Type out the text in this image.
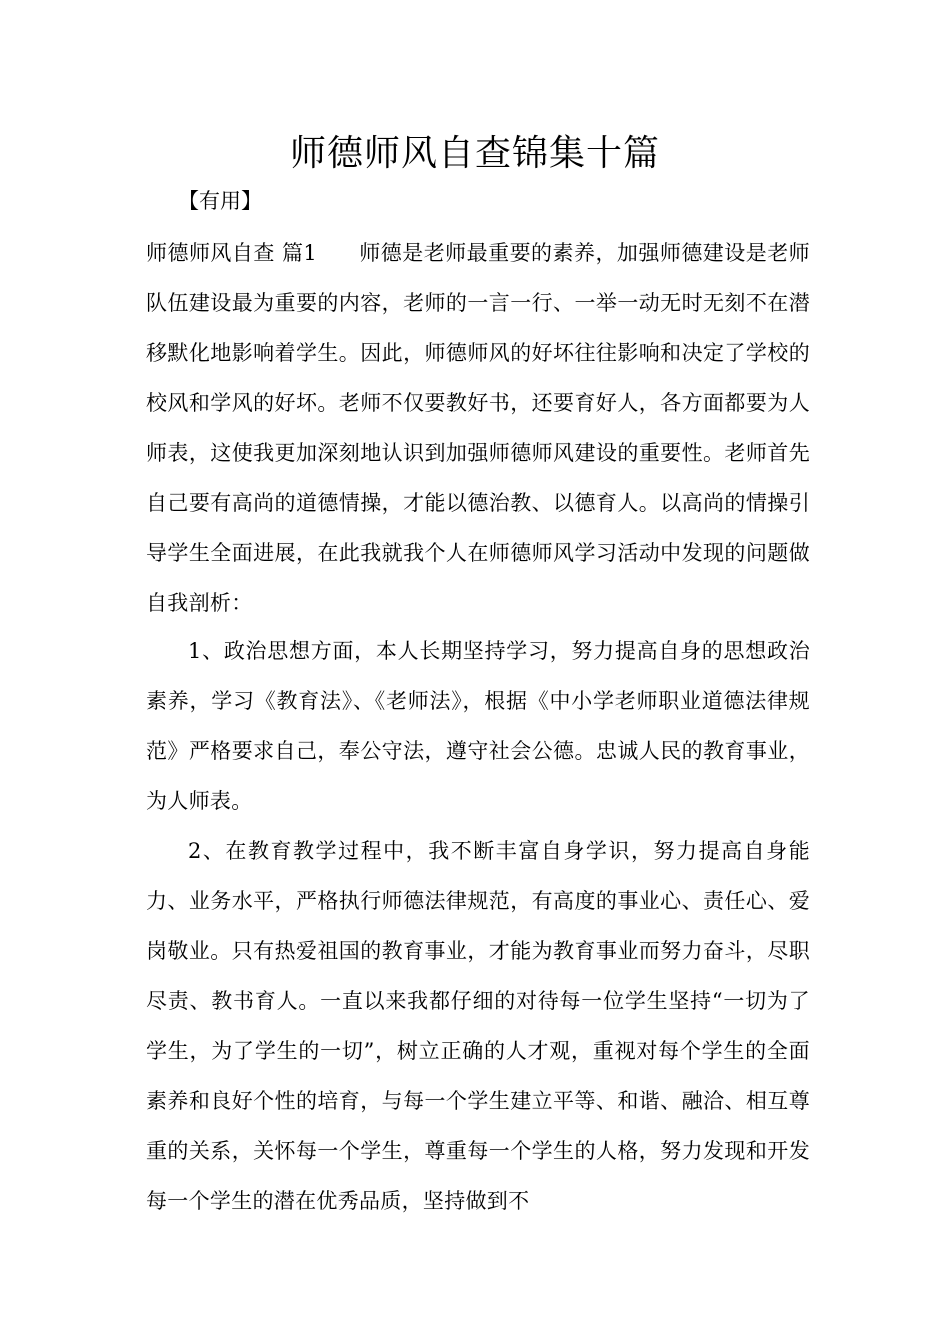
师德师风自查锦集十篇
【有用】
师德师风自查 篇1 师德是老师最重要的素养，加强师德建设是老师队伍建设最为重要的内容，老师的一言一行、一举一动无时无刻不在潜移默化地影响着学生。因此，师德师风的好坏往往影响和决定了学校的校风和学风的好坏。老师不仅要教好书，还要育好人，各方面都要为人师表，这使我更加深刻地认识到加强师德师风建设的重要性。老师首先自己要有高尚的道德情操，才能以德治教、以德育人。以高尚的情操引导学生全面进展，在此我就我个人在师德师风学习活动中发现的问题做自我剖析：
1、政治思想方面，本人长期坚持学习，努力提高自身的思想政治素养，学习《教育法》、《老师法》，根据《中小学老师职业道德法律规范》严格要求自己，奉公守法，遵守社会公德。忠诚人民的教育事业，为人师表。
2、在教育教学过程中，我不断丰富自身学识，努力提高自身能力、业务水平，严格执行师德法律规范，有高度的事业心、责任心、爱岗敬业。只有热爱祖国的教育事业，才能为教育事业而努力奋斗，尽职尽责、教书育人。一直以来我都仔细的对待每一位学生坚持“一切为了学生，为了学生的一切”，树立正确的人才观，重视对每个学生的全面素养和良好个性的培育，与每一个学生建立平等、和谐、融洽、相互尊重的关系，关怀每一个学生，尊重每一个学生的人格，努力发现和开发每一个学生的潜在优秀品质，坚持做到不
